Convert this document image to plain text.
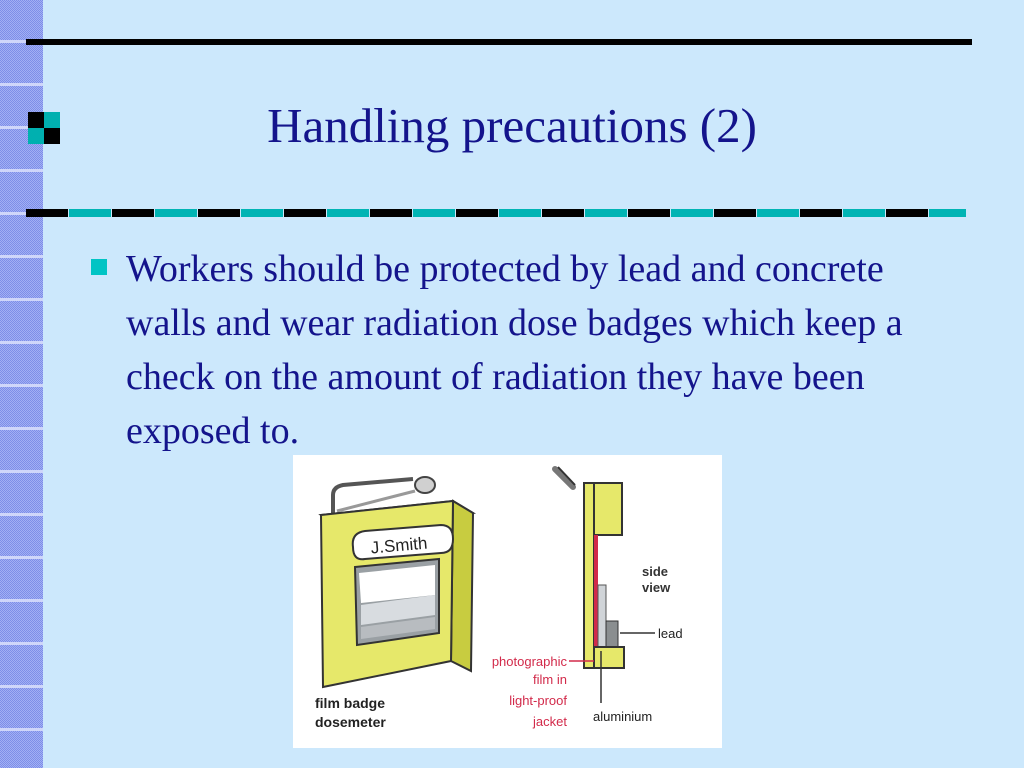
Handling precautions (2)

Workers should be protected by lead and concrete walls and wear radiation dose badges which keep a check on the amount of radiation they have been exposed to.

J.Smith
side
view
lead
photographic
film in
light-proof
jacket aluminium
film badge
dosemeter
